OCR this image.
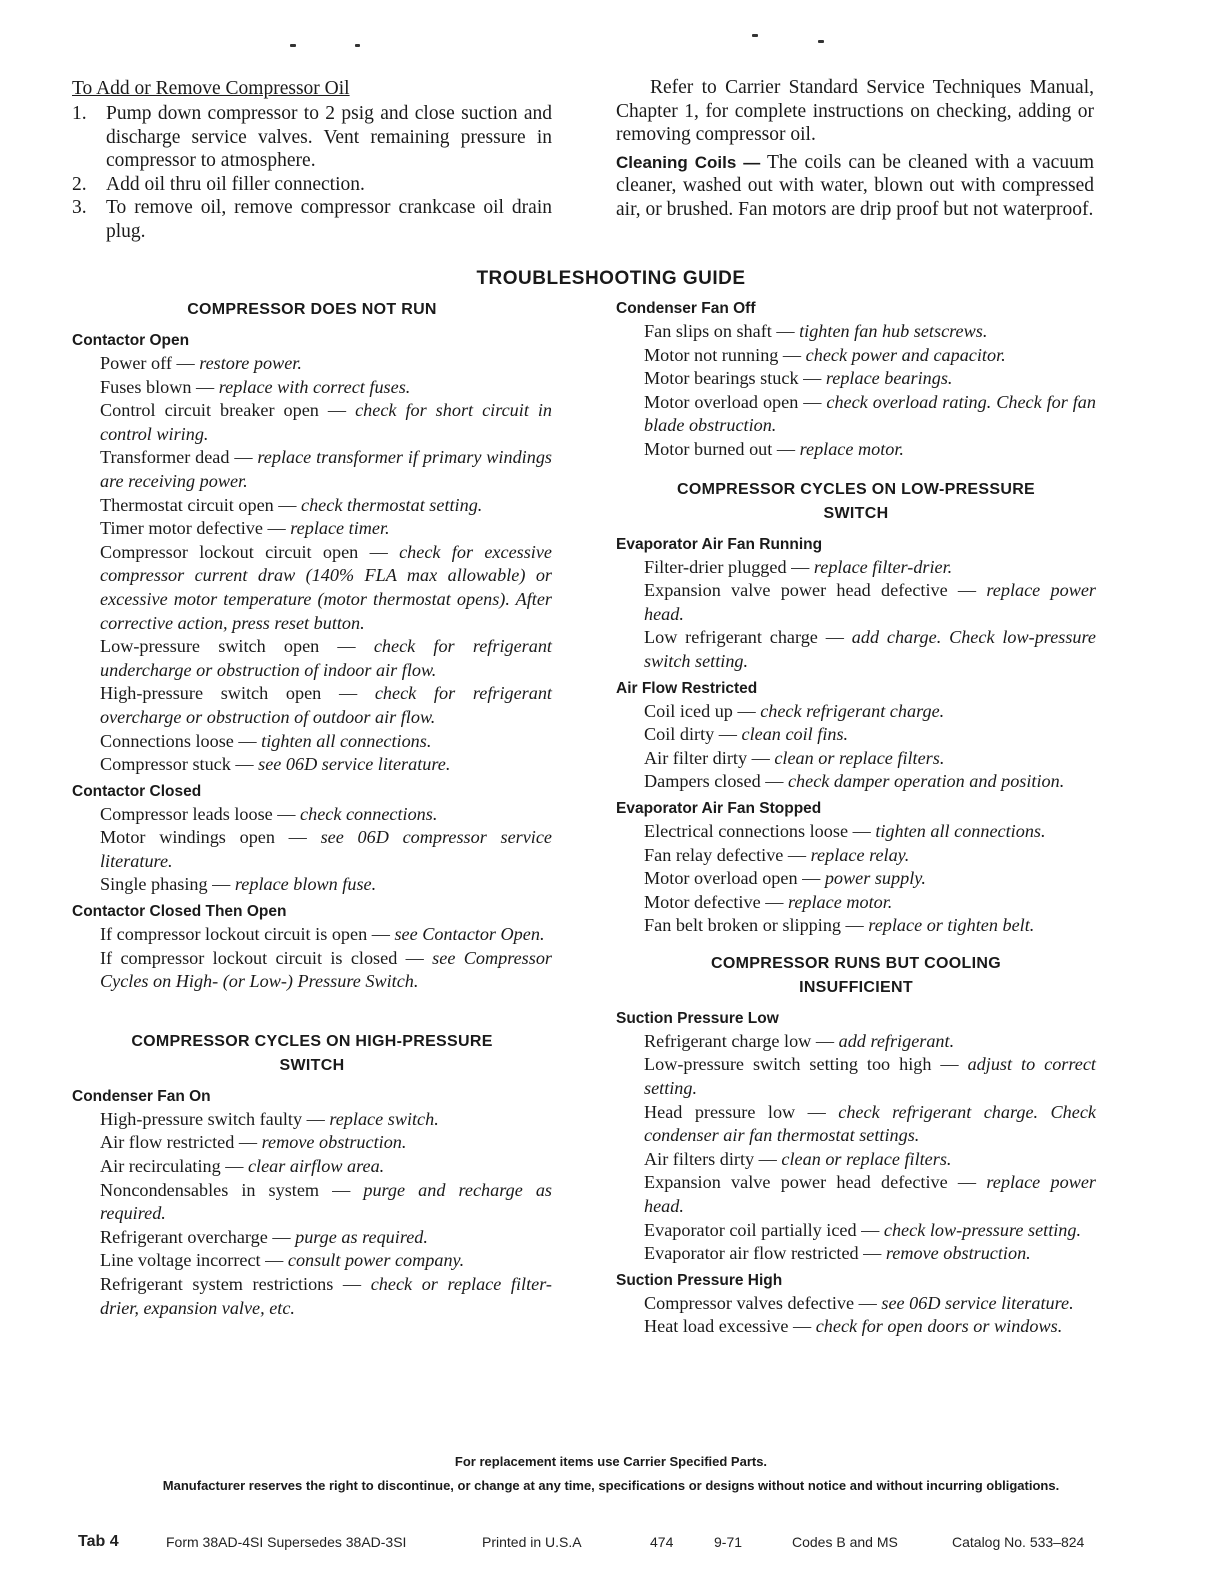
To Add or Remove Compressor Oil
1. Pump down compressor to 2 psig and close suction and discharge service valves. Vent remaining pressure in compressor to atmosphere.
2. Add oil thru oil filler connection.
3. To remove oil, remove compressor crankcase oil drain plug.

Refer to Carrier Standard Service Techniques Manual, Chapter 1, for complete instructions on checking, adding or removing compressor oil.

Cleaning Coils — The coils can be cleaned with a vacuum cleaner, washed out with water, blown out with compressed air, or brushed. Fan motors are drip proof but not waterproof.

TROUBLESHOOTING GUIDE
COMPRESSOR DOES NOT RUN
Contactor Open
Power off — restore power.
Fuses blown — replace with correct fuses.
Control circuit breaker open — check for short circuit in control wiring.
Transformer dead — replace transformer if primary windings are receiving power.
Thermostat circuit open — check thermostat setting.
Timer motor defective — replace timer.
Compressor lockout circuit open — check for excessive compressor current draw (140% FLA max allowable) or excessive motor temperature (motor thermostat opens). After corrective action, press reset button.
Low-pressure switch open — check for refrigerant undercharge or obstruction of indoor air flow.
High-pressure switch open — check for refrigerant overcharge or obstruction of outdoor air flow.
Connections loose — tighten all connections.
Compressor stuck — see 06D service literature.
Contactor Closed
Compressor leads loose — check connections.
Motor windings open — see 06D compressor service literature.
Single phasing — replace blown fuse.
Contactor Closed Then Open
If compressor lockout circuit is open — see Contactor Open.
If compressor lockout circuit is closed — see Compressor Cycles on High- (or Low-) Pressure Switch.
COMPRESSOR CYCLES ON HIGH-PRESSURE SWITCH
Condenser Fan On
High-pressure switch faulty — replace switch.
Air flow restricted — remove obstruction.
Air recirculating — clear airflow area.
Noncondensables in system — purge and recharge as required.
Refrigerant overcharge — purge as required.
Line voltage incorrect — consult power company.
Refrigerant system restrictions — check or replace filter-drier, expansion valve, etc.
Condenser Fan Off
Fan slips on shaft — tighten fan hub setscrews.
Motor not running — check power and capacitor.
Motor bearings stuck — replace bearings.
Motor overload open — check overload rating. Check for fan blade obstruction.
Motor burned out — replace motor.
COMPRESSOR CYCLES ON LOW-PRESSURE SWITCH
Evaporator Air Fan Running
Filter-drier plugged — replace filter-drier.
Expansion valve power head defective — replace power head.
Low refrigerant charge — add charge. Check low-pressure switch setting.
Air Flow Restricted
Coil iced up — check refrigerant charge.
Coil dirty — clean coil fins.
Air filter dirty — clean or replace filters.
Dampers closed — check damper operation and position.
Evaporator Air Fan Stopped
Electrical connections loose — tighten all connections.
Fan relay defective — replace relay.
Motor overload open — power supply.
Motor defective — replace motor.
Fan belt broken or slipping — replace or tighten belt.
COMPRESSOR RUNS BUT COOLING INSUFFICIENT
Suction Pressure Low
Refrigerant charge low — add refrigerant.
Low-pressure switch setting too high — adjust to correct setting.
Head pressure low — check refrigerant charge. Check condenser air fan thermostat settings.
Air filters dirty — clean or replace filters.
Expansion valve power head defective — replace power head.
Evaporator coil partially iced — check low-pressure setting.
Evaporator air flow restricted — remove obstruction.
Suction Pressure High
Compressor valves defective — see 06D service literature.
Heat load excessive — check for open doors or windows.

For replacement items use Carrier Specified Parts.

Manufacturer reserves the right to discontinue, or change at any time, specifications or designs without notice and without incurring obligations.

Tab 4	Form 38AD-4SI Supersedes 38AD-3SI	Printed in U.S.A	474	9-71	Codes B and MS	Catalog No. 533–824
